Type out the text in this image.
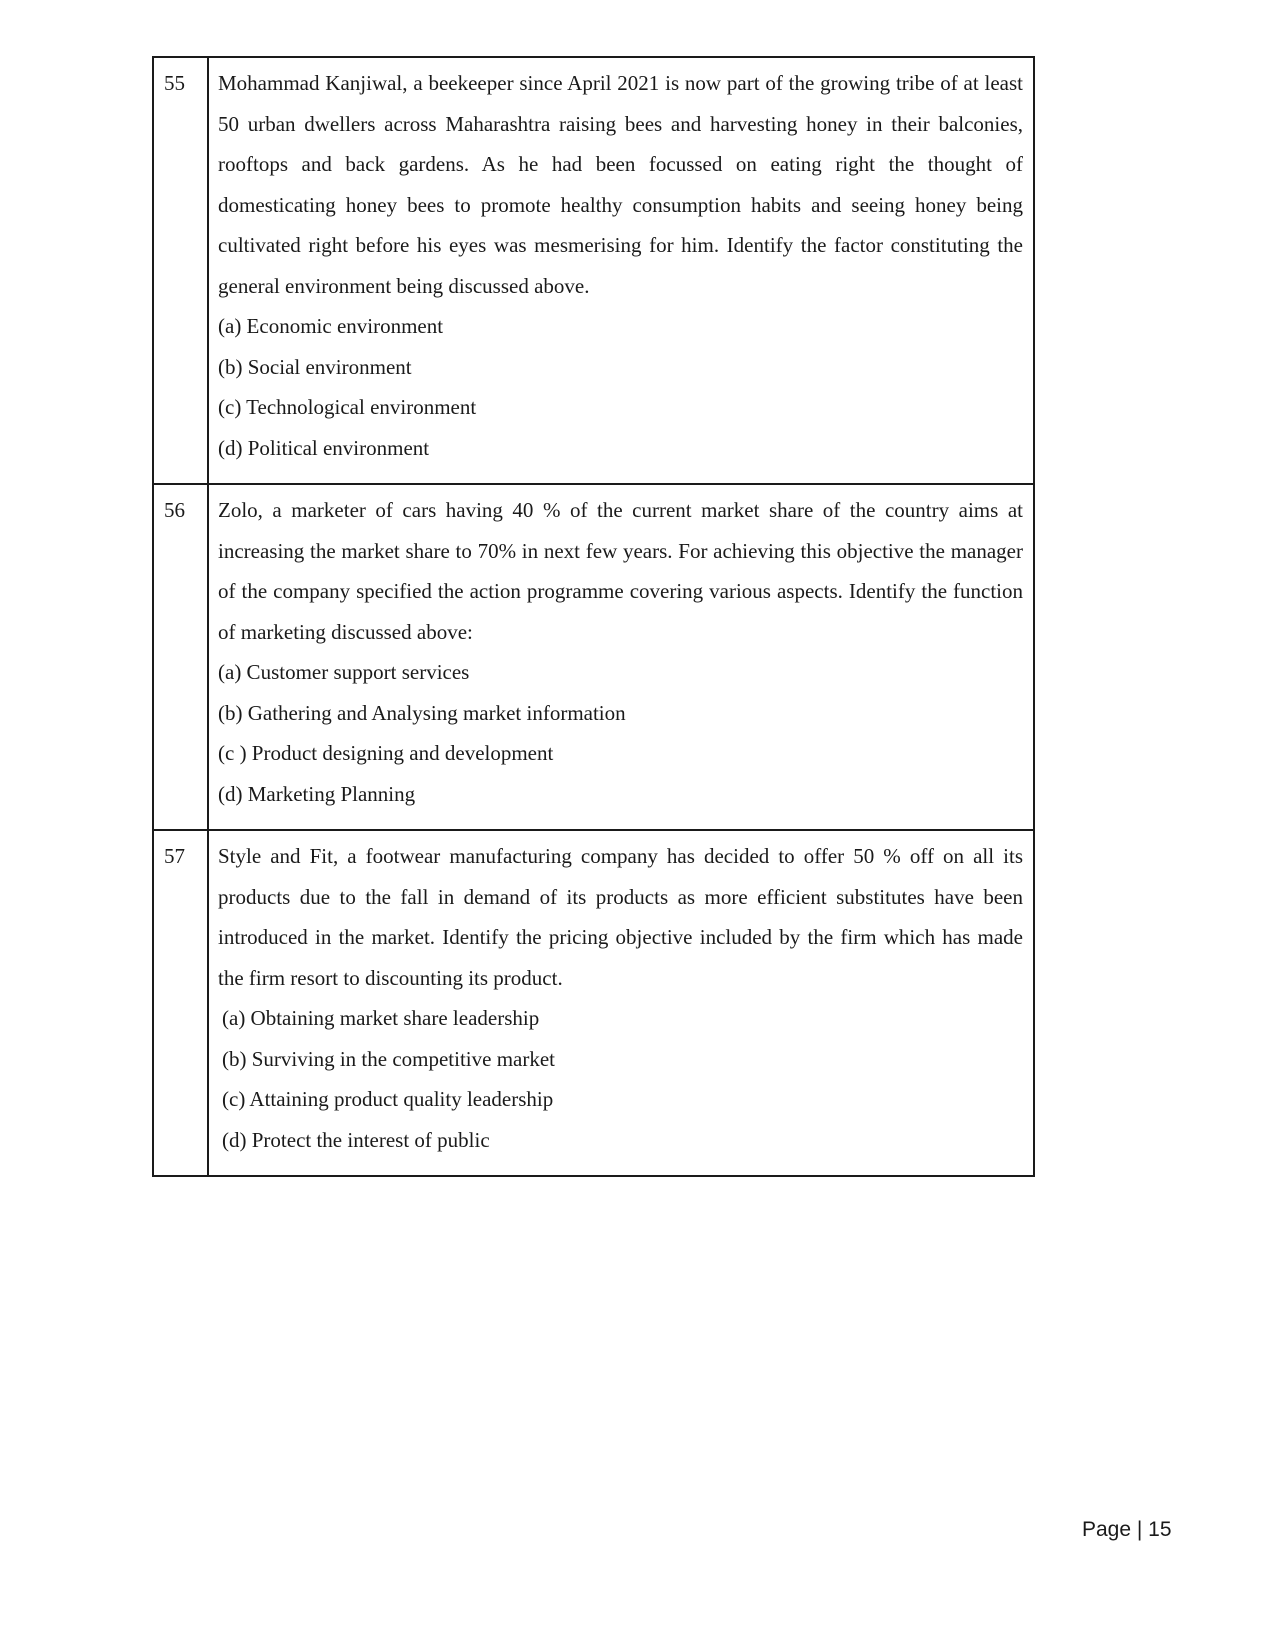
55	Mohammad Kanjiwal, a beekeeper since April 2021 is now part of the growing tribe of at least 50 urban dwellers across Maharashtra raising bees and harvesting honey in their balconies, rooftops and back gardens. As he had been focussed on eating right the thought of domesticating honey bees to promote healthy consumption habits and seeing honey being cultivated right before his eyes was mesmerising for him. Identify the factor constituting the general environment being discussed above.

(a) Economic environment

(b) Social environment

(c) Technological environment

(d) Political environment

56	Zolo, a marketer of cars having 40 % of the current market share of the country aims at increasing the market share to 70% in next few years. For achieving this objective the manager of the company specified the action programme covering various aspects. Identify the function of marketing discussed above:

(a) Customer support services

(b) Gathering and Analysing market information

(c ) Product designing and development

(d) Marketing Planning

57	Style and Fit, a footwear manufacturing company has decided to offer 50 % off on all its products due to the fall in demand of its products as more efficient substitutes have been introduced in the market. Identify the pricing objective included by the firm which has made the firm resort to discounting its product.

(a) Obtaining market share leadership

(b) Surviving in the competitive market

(c) Attaining product quality leadership

(d) Protect the interest of public

Page | 15
